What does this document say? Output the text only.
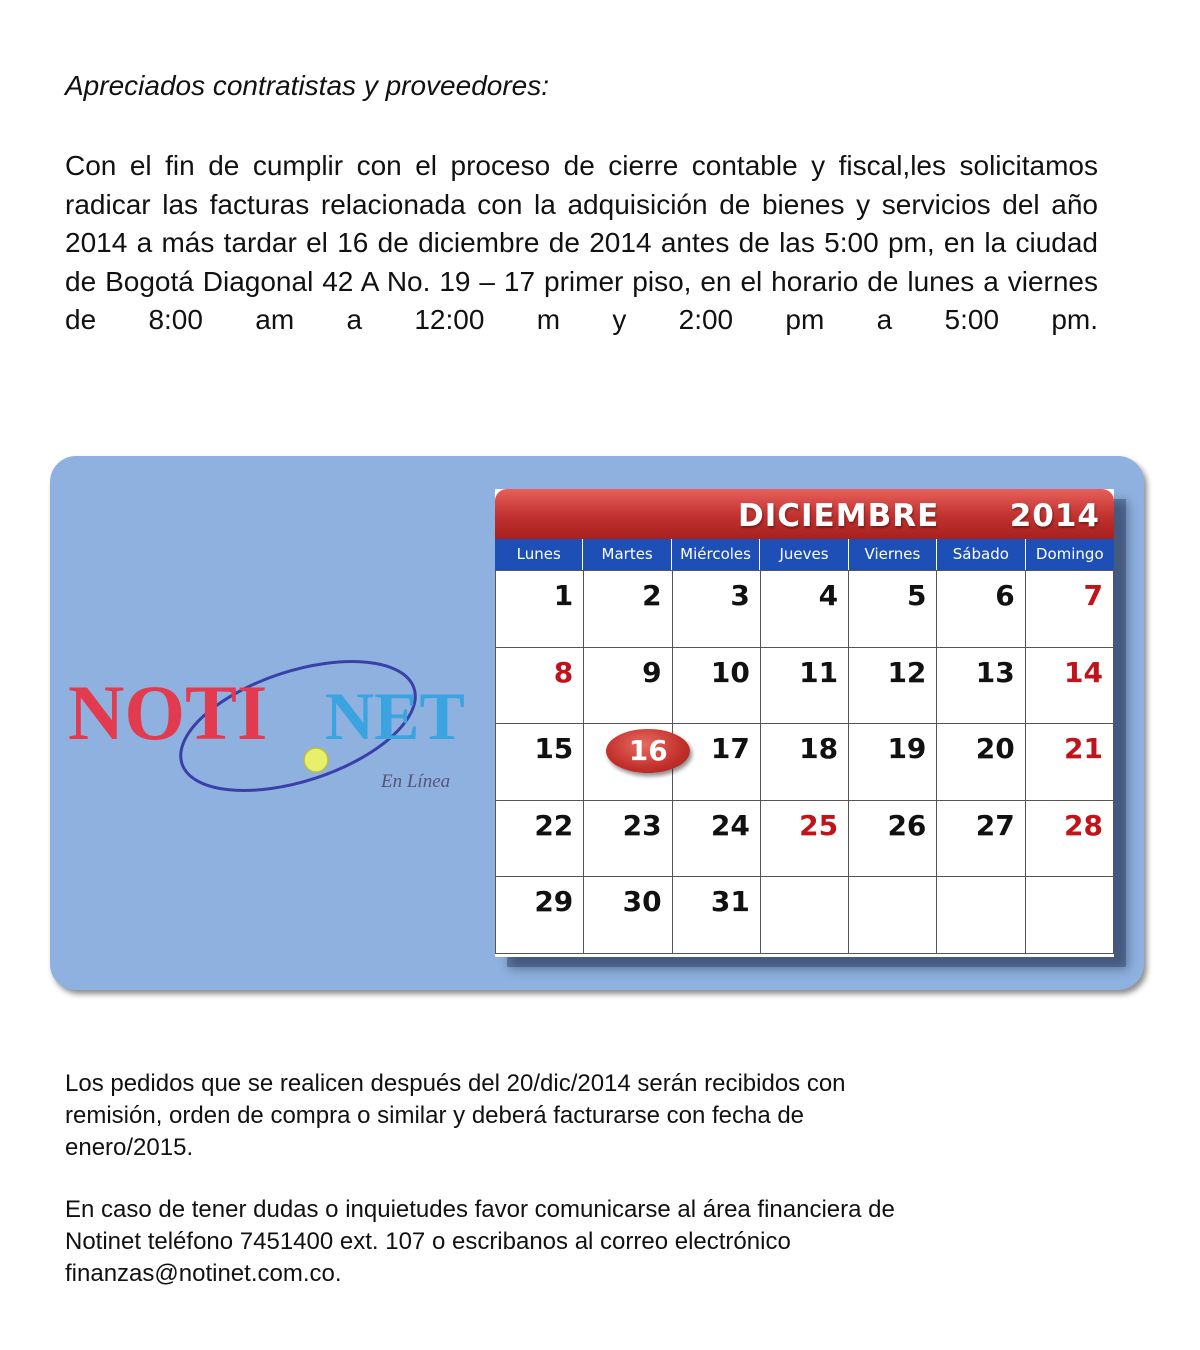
Apreciados contratistas y proveedores:

Con el fin de cumplir con el proceso de cierre contable y fiscal,les solicitamos radicar las facturas relacionada con la adquisición de bienes y servicios del año 2014 a más tardar el 16 de diciembre de 2014 antes de las 5:00 pm, en la ciudad de Bogotá Diagonal 42 A No. 19 – 17 primer piso, en el horario de lunes a viernes de 8:00 am a 12:00 m y 2:00 pm a 5:00 pm.

NOTI NET
En Línea
DICIEMBRE 2014
Lunes	Martes	Miércoles	Jueves	Viernes	Sábado	Domingo
1	2	3	4	5	6	7
8	9	10	11	12	13	14
15	16	17	18	19	20	21
22	23	24	25	26	27	28
29	30	31

Los pedidos que se realicen después del 20/dic/2014 serán recibidos con remisión, orden de compra o similar y deberá facturarse con fecha de enero/2015.

En caso de tener dudas o inquietudes favor comunicarse al área financiera de Notinet teléfono 7451400 ext. 107 o escribanos al correo electrónico finanzas@notinet.com.co.
